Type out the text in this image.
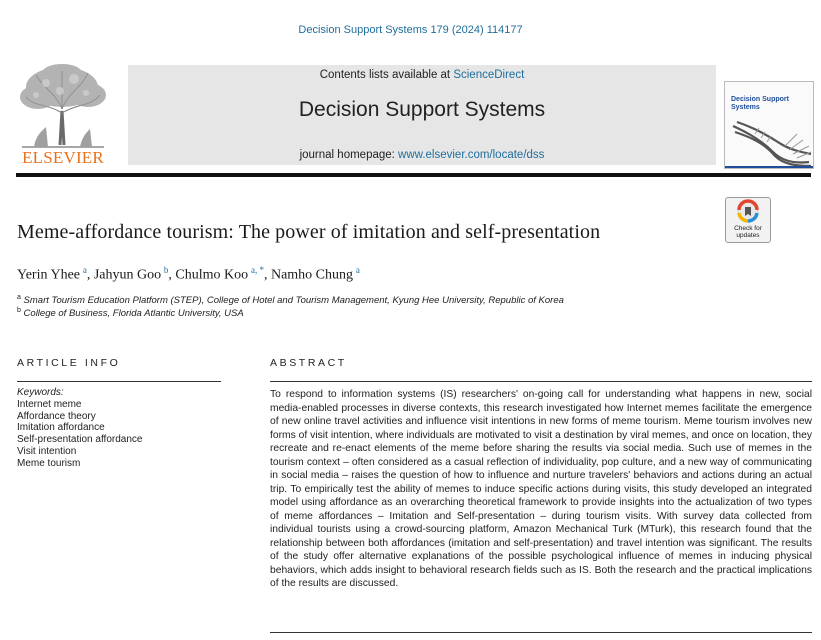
Decision Support Systems 179 (2024) 114177
ELSEVIER
Contents lists available at ScienceDirect
Decision Support Systems
journal homepage: www.elsevier.com/locate/dss
Decision Support
Systems
Meme-affordance tourism: The power of imitation and self-presentation	Check for
updates
Yerin Yhee  $^a$, Jahyun Goo  $^b$, Chulmo Koo  $^{a, *}$, Namho Chung  $^a$
$^a$ Smart Tourism Education Platform (STEP), College of Hotel and Tourism Management, Kyung Hee University, Republic of Korea
$^b$ College of Business, Florida Atlantic University, USA
ARTICLE INFO
Keywords:
Internet meme
Affordance theory
Imitation affordance
Self-presentation affordance
Visit intention
Meme tourism
ABSTRACT
To respond to information systems (IS) researchers' on-going call for understanding what happens in new, social media-enabled processes in diverse contexts, this research investigated how Internet memes facilitate the emergence of new online travel activities and influence visit intentions in new forms of meme tourism. Meme tourism involves new forms of visit intention, where individuals are motivated to visit a destination by viral memes, and once on location, they recreate and re-enact elements of the meme before sharing the results via social media. Such use of memes in the tourism context – often considered as a casual reflection of individuality, pop culture, and a new way of communicating in social media – raises the question of how to influence and nurture travelers' behaviors and actions during an actual trip. To empirically test the ability of memes to induce specific actions during visits, this study developed an integrated model using affordance as an overarching theoretical framework to provide insights into the actualization of two types of meme affordances – Imitation and Self-presentation – during tourism visits. With survey data collected from individual tourists using a crowd-sourcing platform, Amazon Mechanical Turk (MTurk), this research found that the relationship between both affordances (imitation and self-presentation) and travel intention was significant. The results of the study offer alternative explanations of the possible psychological influence of memes in inducing physical behaviors, which adds insight to behavioral research fields such as IS. Both the research and the practical implications of the results are discussed.
